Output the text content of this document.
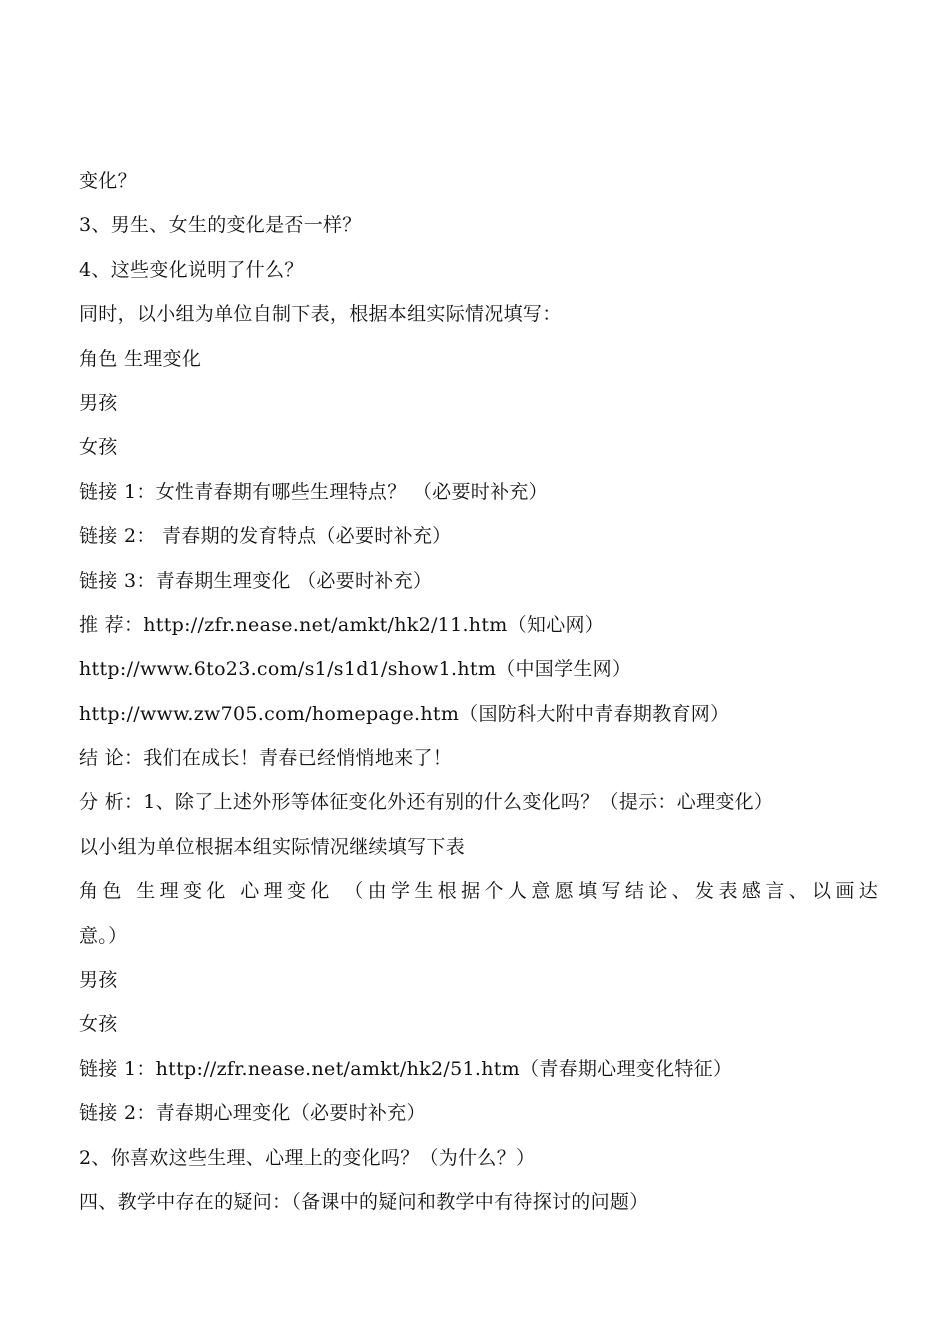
变化？
3、男生、女生的变化是否一样？
4、这些变化说明了什么？
同时，以小组为单位自制下表，根据本组实际情况填写：
角色 生理变化
男孩
女孩
链接 1：女性青春期有哪些生理特点？ （必要时补充）
链接 2： 青春期的发育特点（必要时补充）
链接 3：青春期生理变化 （必要时补充）
推 荐：http://zfr.nease.net/amkt/hk2/11.htm（知心网）
http://www.6to23.com/s1/s1d1/show1.htm（中国学生网）
http://www.zw705.com/homepage.htm（国防科大附中青春期教育网）
结 论：我们在成长！青春已经悄悄地来了！
分 析：1、除了上述外形等体征变化外还有别的什么变化吗？（提示：心理变化）
以小组为单位根据本组实际情况继续填写下表
角色 生理变化 心理变化 （由学生根据个人意愿填写结论、发表感言、以画达
意。）
男孩
女孩
链接 1：http://zfr.nease.net/amkt/hk2/51.htm（青春期心理变化特征）
链接 2：青春期心理变化（必要时补充）
2、你喜欢这些生理、心理上的变化吗？（为什么？）
四、教学中存在的疑问：（备课中的疑问和教学中有待探讨的问题）
